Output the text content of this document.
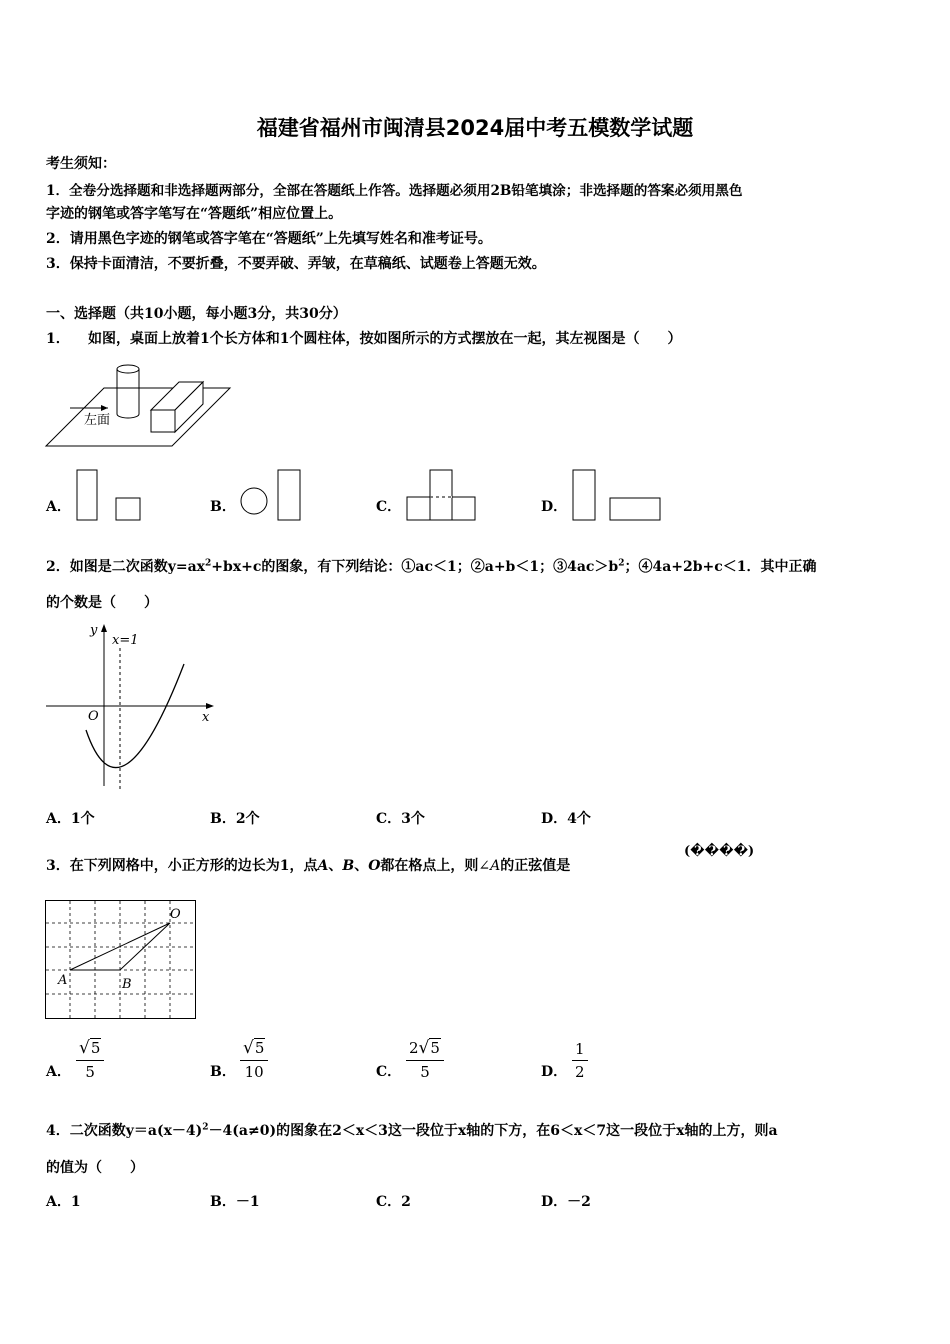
福建省福州市闽清县2024届中考五模数学试题
考生须知：
1．全卷分选择题和非选择题两部分，全部在答题纸上作答。选择题必须用2B铅笔填涂；非选择题的答案必须用黑色
字迹的钢笔或答字笔写在“答题纸”相应位置上。
2．请用黑色字迹的钢笔或答字笔在“答题纸”上先填写姓名和准考证号。
3．保持卡面清洁，不要折叠，不要弄破、弄皱，在草稿纸、试题卷上答题无效。
一、选择题（共10小题，每小题3分，共30分）
1． 如图，桌面上放着1个长方体和1个圆柱体，按如图所示的方式摆放在一起，其左视图是（　　）
左面
A．	B．	C．	D．
2．如图是二次函数$y=ax^2+bx+c$的图象，有下列结论：①ac＜1；②a+b＜1；$③4ac>b^2$；④4a+2b+c＜1．其中正确
的个数是（　　）
y
x=1
O	x
A．1个	B．2个	C．3个	D．4个
3．在下列网格中，小正方形的边长为1，点A、B、O都在格点上，则∠A的正弦值是
(����)
A	B
O
A． $\frac{√5}{5}$	B． $\frac{√5}{10}$	C． $\frac{2√5}{5}$	D． $\frac{1}{2}$
4．二次函数$y=a(x-4)^2-4(a\ne 0)$的图象在2＜x＜3这一段位于x轴的下方，在6＜x＜7这一段位于x轴的上方，则a
的值为（　　）
A．1	B．－1	C．2	D．－2
